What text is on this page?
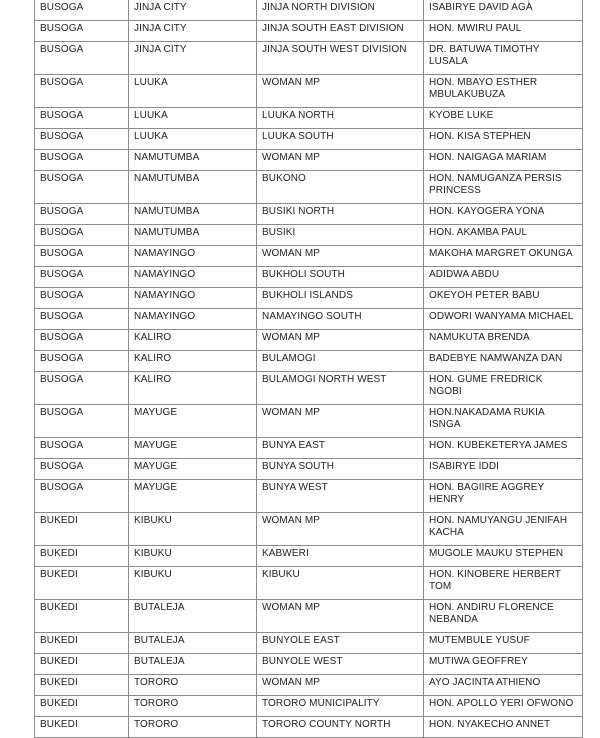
BUSOGA	JINJA CITY	JINJA NORTH DIVISION	ISABIRYE DAVID AGA
BUSOGA	JINJA CITY	JINJA SOUTH EAST DIVISION	HON. MWIRU PAUL
BUSOGA	JINJA CITY	JINJA SOUTH WEST DIVISION	DR. BATUWA TIMOTHY LUSALA
BUSOGA	LUUKA	WOMAN MP	HON. MBAYO ESTHER MBULAKUBUZA
BUSOGA	LUUKA	LUUKA NORTH	KYOBE LUKE
BUSOGA	LUUKA	LUUKA SOUTH	HON. KISA STEPHEN
BUSOGA	NAMUTUMBA	WOMAN MP	HON. NAIGAGA MARIAM
BUSOGA	NAMUTUMBA	BUKONO	HON. NAMUGANZA PERSIS PRINCESS
BUSOGA	NAMUTUMBA	BUSIKI NORTH	HON. KAYOGERA YONA
BUSOGA	NAMUTUMBA	BUSIKI	HON. AKAMBA PAUL
BUSOGA	NAMAYINGO	WOMAN MP	MAKOHA MARGRET OKUNGA
BUSOGA	NAMAYINGO	BUKHOLI SOUTH	ADIDWA ABDU
BUSOGA	NAMAYINGO	BUKHOLI ISLANDS	OKEYOH PETER BABU
BUSOGA	NAMAYINGO	NAMAYINGO SOUTH	ODWORI WANYAMA MICHAEL
BUSOGA	KALIRO	WOMAN MP	NAMUKUTA BRENDA
BUSOGA	KALIRO	BULAMOGI	BADEBYE NAMWANZA DAN
BUSOGA	KALIRO	BULAMOGI NORTH WEST	HON. GUME FREDRICK NGOBI
BUSOGA	MAYUGE	WOMAN MP	HON.NAKADAMA RUKIA ISNGA
BUSOGA	MAYUGE	BUNYA EAST	HON. KUBEKETERYA JAMES
BUSOGA	MAYUGE	BUNYA SOUTH	ISABIRYE IDDI
BUSOGA	MAYUGE	BUNYA WEST	HON. BAGIIRE AGGREY HENRY
BUKEDI	KIBUKU	WOMAN MP	HON. NAMUYANGU JENIFAH KACHA
BUKEDI	KIBUKU	KABWERI	MUGOLE MAUKU STEPHEN
BUKEDI	KIBUKU	KIBUKU	HON. KINOBERE HERBERT TOM
BUKEDI	BUTALEJA	WOMAN MP	HON. ANDIRU FLORENCE NEBANDA
BUKEDI	BUTALEJA	BUNYOLE EAST	MUTEMBULE YUSUF
BUKEDI	BUTALEJA	BUNYOLE WEST	MUTIWA GEOFFREY
BUKEDI	TORORO	WOMAN MP	AYO JACINTA ATHIENO
BUKEDI	TORORO	TORORO MUNICIPALITY	HON. APOLLO YERI OFWONO
BUKEDI	TORORO	TORORO COUNTY NORTH	HON. NYAKECHO ANNET
